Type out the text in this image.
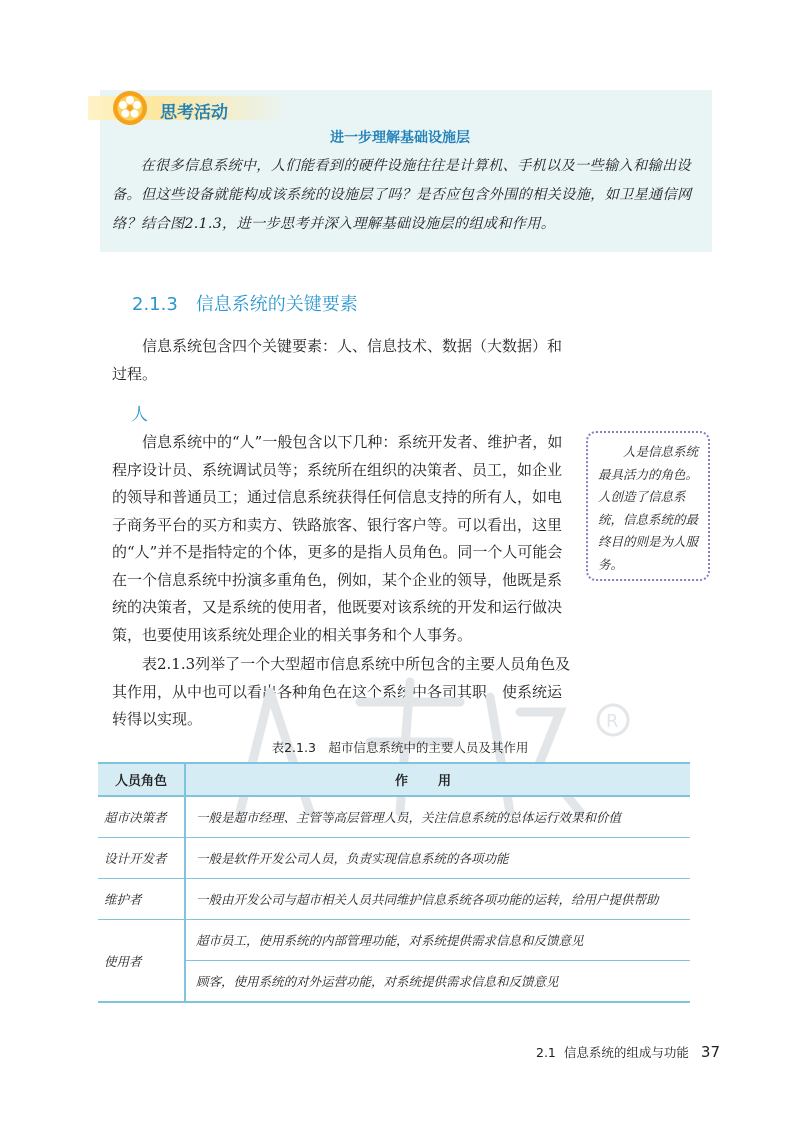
思考活动
进一步理解基础设施层
在很多信息系统中，人们能看到的硬件设施往往是计算机、手机以及一些输入和输出设备。但这些设备就能构成该系统的设施层了吗？是否应包含外围的相关设施，如卫星通信网络？结合图2.1.3，进一步思考并深入理解基础设施层的组成和作用。
2.1.3 信息系统的关键要素
信息系统包含四个关键要素：人、信息技术、数据（大数据）和过程。
人
信息系统中的“人”一般包含以下几种：系统开发者、维护者，如程序设计员、系统调试员等；系统所在组织的决策者、员工，如企业的领导和普通员工；通过信息系统获得任何信息支持的所有人，如电子商务平台的买方和卖方、铁路旅客、银行客户等。可以看出，这里的“人”并不是指特定的个体，更多的是指人员角色。同一个人可能会在一个信息系统中扮演多重角色，例如，某个企业的领导，他既是系统的决策者，又是系统的使用者，他既要对该系统的开发和运行做决策，也要使用该系统处理企业的相关事务和个人事务。
人是信息系统最具活力的角色。人创造了信息系统，信息系统的最终目的则是为人服务。
表2.1.3列举了一个大型超市信息系统中所包含的主要人员角色及其作用，从中也可以看出各种角色在这个系统中各司其职，使系统运转得以实现。	R
表2.1.3　超市信息系统中的主要人员及其作用
人员角色	作用
超市决策者	一般是超市经理、主管等高层管理人员，关注信息系统的总体运行效果和价值
设计开发者	一般是软件开发公司人员，负责实现信息系统的各项功能
维护者	一般由开发公司与超市相关人员共同维护信息系统各项功能的运转，给用户提供帮助
使用者	超市员工，使用系统的内部管理功能，对系统提供需求信息和反馈意见
	顾客，使用系统的对外运营功能，对系统提供需求信息和反馈意见
2.1 信息系统的组成与功能 37
